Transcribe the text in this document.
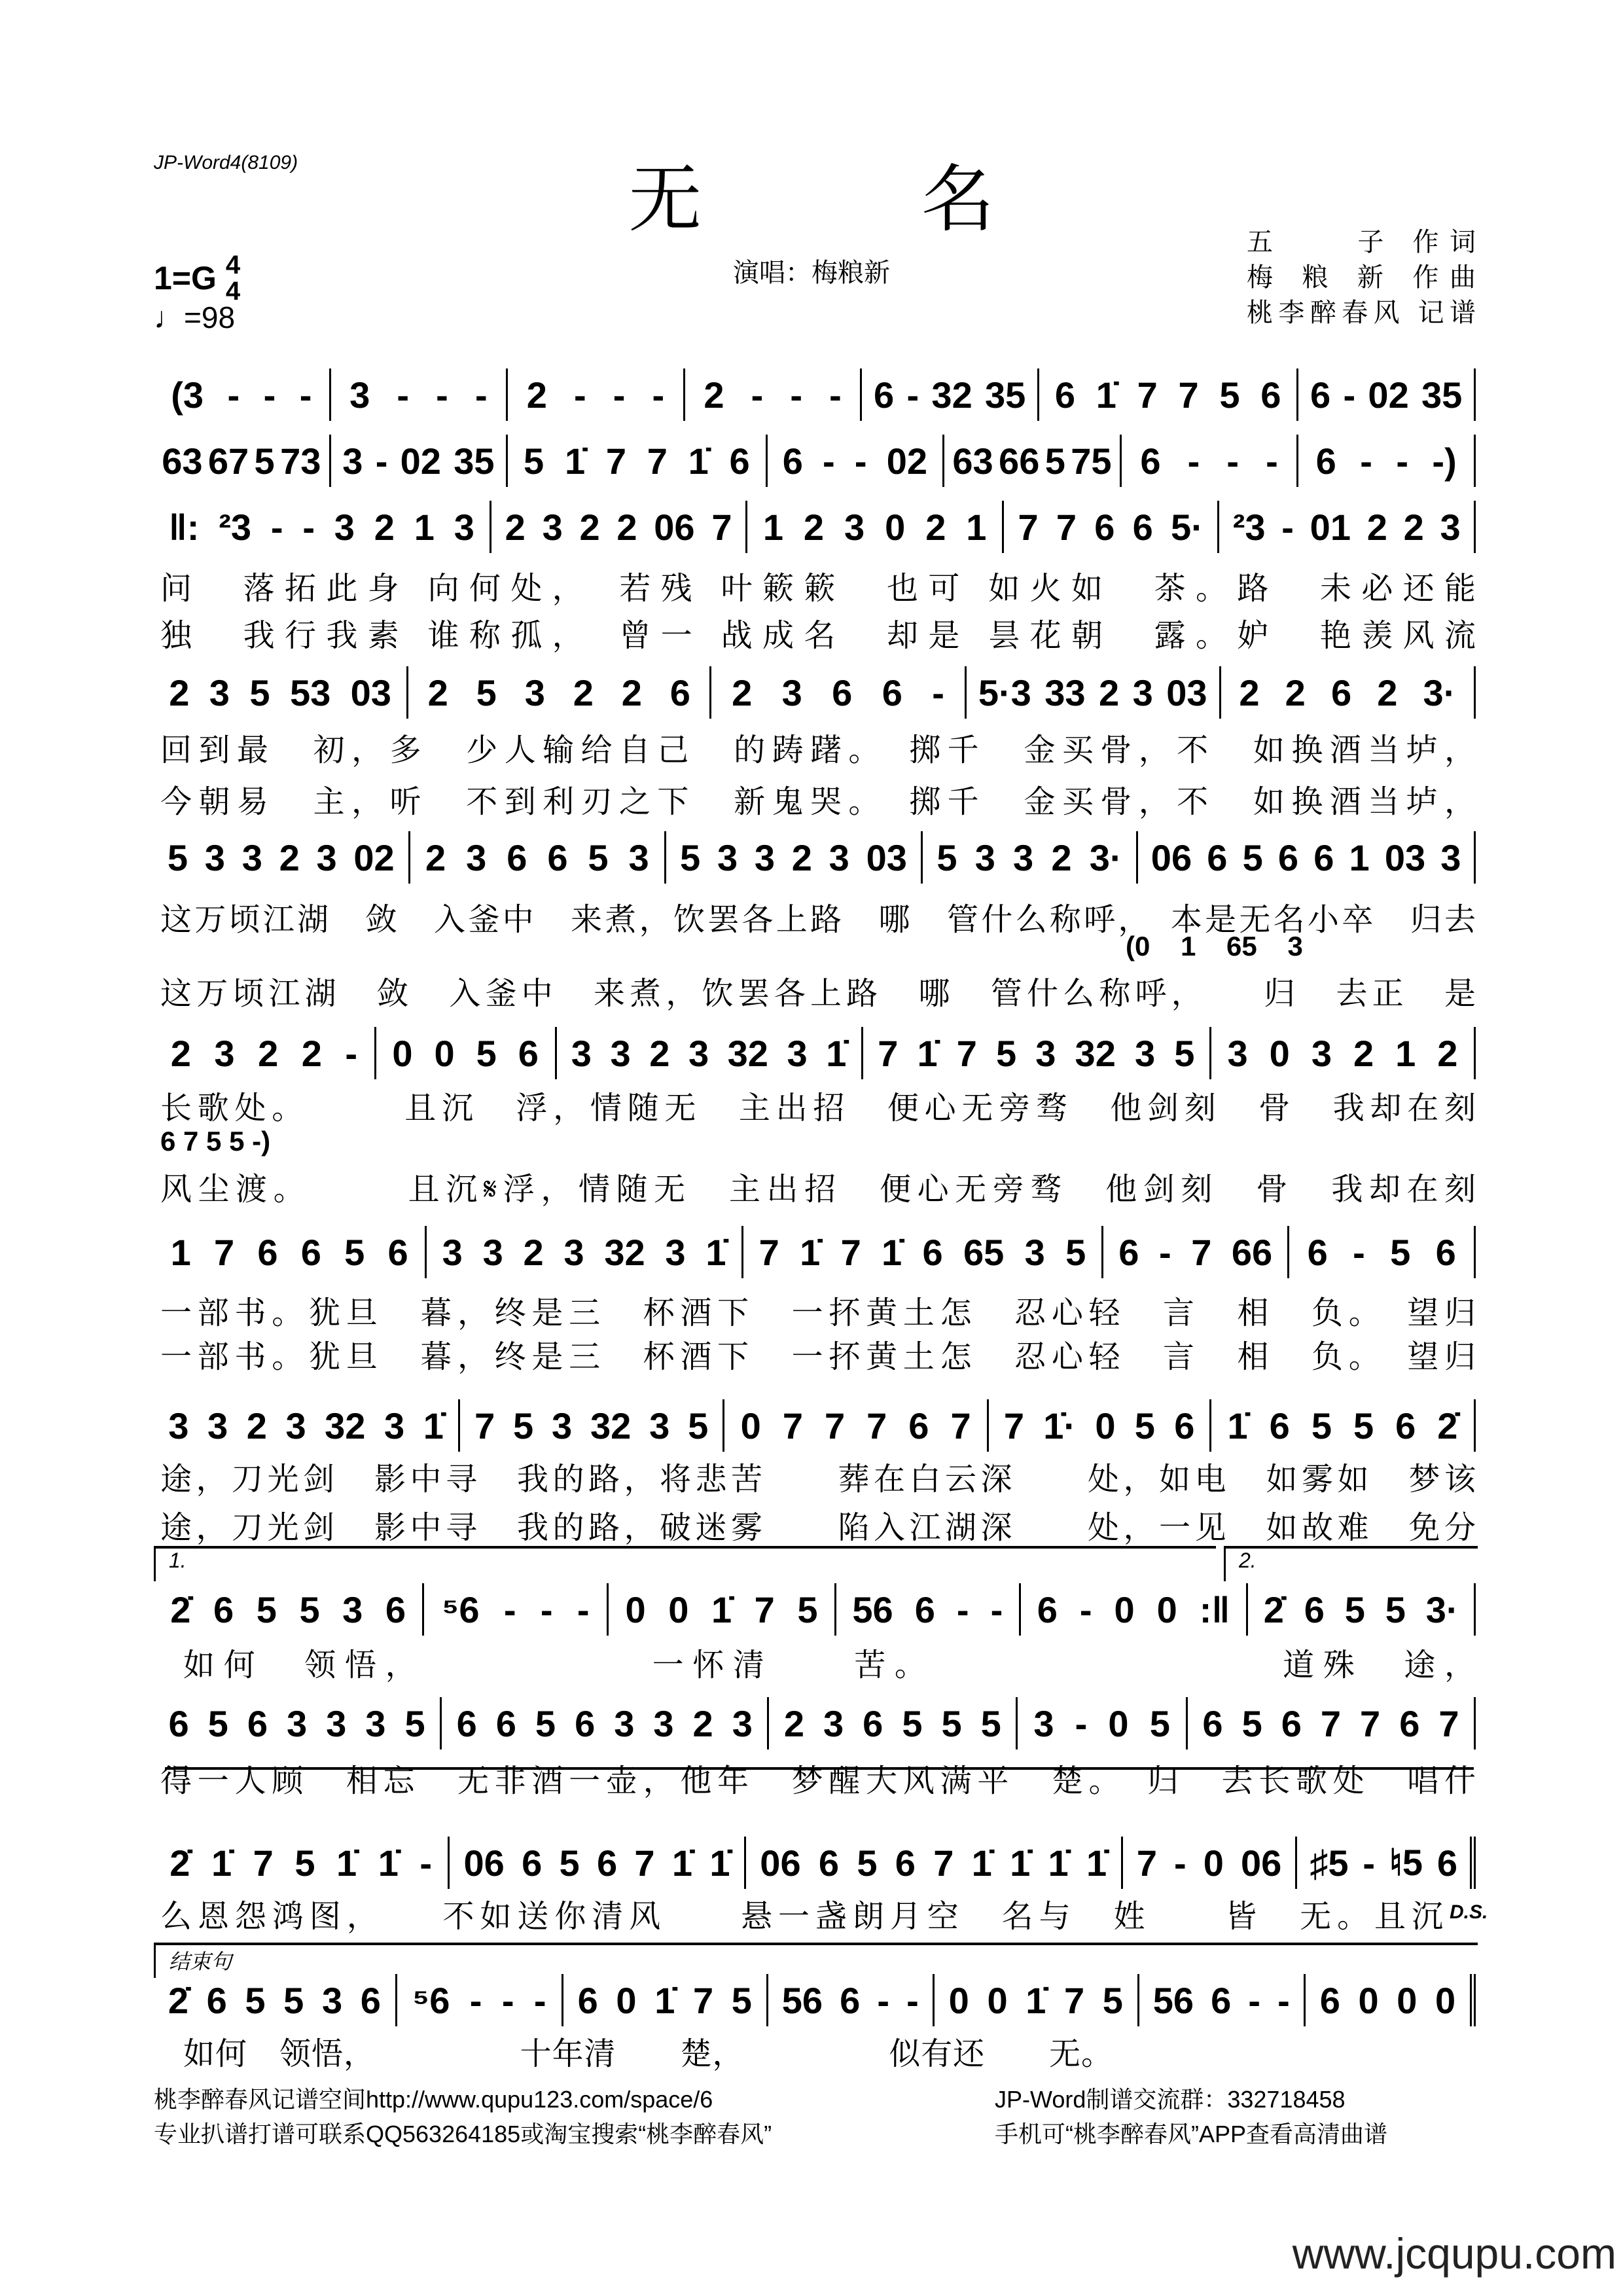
JP-Word4(8109)	无 名
1=G 4
4
♩=98
演唱：梅粮新
五　　子 作词
梅 粮 新 作曲
桃李醉春风 记谱
(3 - - - 3 - - - 2 - - - 2 - - - 6 - 32 35 6 1̇ 7 7 5 6 6 - 02 35
63 67 5 73 3 - 02 35 5 1̇ 7 7 1̇ 6 6 - - 02 63 66 5 75 6 - - - 6 - - -)
‖: ²3 - - 3 2 1 3 2 3 2 2 06 7 1 2 3 0 2 1 7 7 6 6 5· ²3 - 01 2 2 3
2 3 5 53 03 2 5 3 2 2 6 2 3 6 6 - 5·3 33 2 3 03 2 2 6 2 3·
5 3 3 2 3 02 2 3 6 6 5 3 5 3 3 2 3 03 5 3 3 2 3· 06 6 5 6 6 1 03 3
2 3 2 2 - 0 0 5 6 3 3 2 3 32 3 1̇ 7 1̇ 7 5 3 32 3 5 3 0 3 2 1 2
1 7 6 6 5 6 3 3 2 3 32 3 1̇ 7 1̇ 7 1̇ 6 65 3 5 6 - 7 66 6 - 5 6
3 3 2 3 32 3 1̇ 7 5 3 32 3 5 0 7 7 7 6 7 7 1̇· 0 5 6 1̇ 6 5 5 6 2̇
2̇ 6 5 5 3 6 ⁵6 - - - 0 0 1̇ 7 5 56 6 - - 6 - 0 0 :‖ 2̇ 6 5 5 3·
6 5 6 3 3 3 5 6 6 5 6 3 3 2 3 2 3 6 5 5 5 3 - 0 5 6 5 6 7 7 6 7
2̇ 1̇ 7 5 1̇ 1̇ - 06 6 5 6 7 1̇ 1̇ 06 6 5 6 7 1̇ 1̇ 1̇ 1̇ 7 - 0 06 ♯5 - ♮5 6
2̇ 6 5 5 3 6 ⁵6 - - - 6 0 1̇ 7 5 56 6 - - 0 0 1̇ 7 5 56 6 - - 6 0 0 0
问　落拓此身 向何处，　若残 叶簌簌　也可 如火如　茶。路　未必还能
独　我行我素 谁称孤，　曾一 战成名　却是 昙花朝　露。妒　艳羡风流
回到最　初，多　少人输给自己　的踌躇。　掷千　金买骨，不　如换酒当垆，
今朝易　主，听　不到利刃之下　新鬼哭。　掷千　金买骨，不　如换酒当垆，
这万顷江湖　敛　入釜中　来煮，饮罢各上路　哪　管什么称呼，　本是无名小卒　归去
(0    1    65    3
这万顷江湖　敛　入釜中　来煮，饮罢各上路　哪　管什么称呼，　　归　去正　是
长歌处。　　　且沉　浮，情随无　主出招　便心无旁骛　他剑刻　骨　我却在刻
6 7 5 5 -)
风尘渡。　　　且沉𝄋浮，情随无　主出招　便心无旁骛　他剑刻　骨　我却在刻
一部书。犹旦　暮，终是三　杯酒下　一抔黄土怎　忍心轻　言　相　负。　望归
一部书。犹旦　暮，终是三　杯酒下　一抔黄土怎　忍心轻　言　相　负。　望归
途，刀光剑　影中寻　我的路，将悲苦　　葬在白云深　　处，如电　如雾如　梦该
途，刀光剑　影中寻　我的路，破迷雾　　陷入江湖深　　处，一见　如故难　免分
如何　领悟，　　　　　　一怀清　　苦。　　　　　　　　　道殊　途，
得一人顾　相忘　无非酒一壶，他年　梦醒大风满平　楚。　归　去长歌处　唱什
么恩怨鸿图，　　不如送你清风　　悬一盏朗月空　名与　姓　　皆　无。且沉 D.S.
如何　领悟，　　　　　十年清　　楚，　　　　　似有还　　无。
1.	2.
结束句
桃李醉春风记谱空间http://www.qupu123.com/space/6
专业扒谱打谱可联系QQ563264185或淘宝搜索“桃李醉春风”
JP-Word制谱交流群：332718458
手机可“桃李醉春风”APP查看高清曲谱
www.jcqupu.com
